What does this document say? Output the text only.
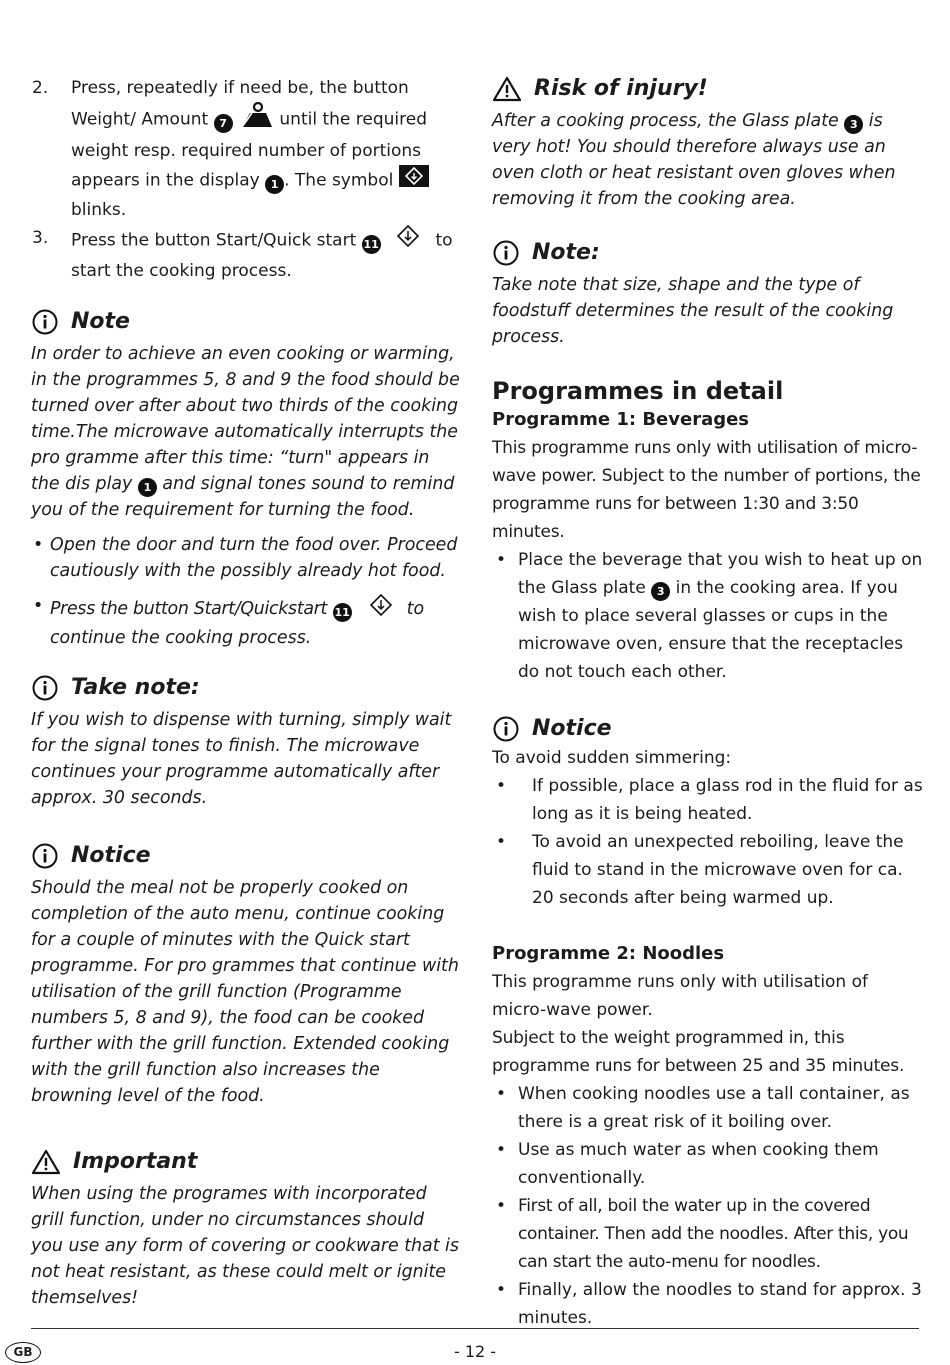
2. Press, repeatedly if need be, the button Weight/ Amount 7	until the required weight resp. required number of portions appears in the display 1 . The symbol  blinks.
3. Press the button Start/Quick start 11	to start the cooking process.
Note
In order to achieve an even cooking or warming, in the programmes 5, 8 and 9 the food should be turned over after about two thirds of the cooking time.The microwave automatically interrupts the pro gramme after this time: “turn" appears in the dis play 1 and signal tones sound to remind you of the requirement for turning the food.
• Open the door and turn the food over. Proceed cautiously with the possibly already hot food.
• Press the button Start/Quickstart 11	to continue the cooking process.
Take note:
If you wish to dispense with turning, simply wait for the signal tones to finish. The microwave continues your programme automatically after approx. 30 seconds.
Notice
Should the meal not be properly cooked on completion of the auto menu, continue cooking for a couple of minutes with the Quick start programme. For pro grammes that continue with utilisation of the grill function (Programme numbers 5, 8 and 9), the food can be cooked further with the grill function. Extended cooking with the grill function also increases the browning level of the food.
Important
When using the programes with incorporated grill function, under no circumstances should you use any form of covering or cookware that is not heat resistant, as these could melt or ignite themselves!
Risk of injury!
After a cooking process, the Glass plate 3 is very hot! You should therefore always use an oven cloth or heat resistant oven gloves when removing it from the cooking area.
Note:
Take note that size, shape and the type of foodstuff determines the result of the cooking process.
Programmes in detail
Programme 1: Beverages
This programme runs only with utilisation of micro-wave power. Subject to the number of portions, the programme runs for between 1:30 and 3:50 minutes.
• Place the beverage that you wish to heat up on the Glass plate 3 in the cooking area. If you wish to place several glasses or cups in the microwave oven, ensure that the receptacles do not touch each other.
Notice
To avoid sudden simmering:
• If possible, place a glass rod in the fluid for as long as it is being heated.
• To avoid an unexpected reboiling, leave the fluid to stand in the microwave oven for ca. 20 seconds after being warmed up.
Programme 2: Noodles
This programme runs only with utilisation of micro-wave power.
Subject to the weight programmed in, this programme runs for between 25 and 35 minutes.
• When cooking noodles use a tall container, as there is a great risk of it boiling over.
• Use as much water as when cooking them conventionally.
• First of all, boil the water up in the covered container. Then add the noodles. After this, you can start the auto-menu for noodles.
• Finally, allow the noodles to stand for approx. 3 minutes.
GB	- 12 -
